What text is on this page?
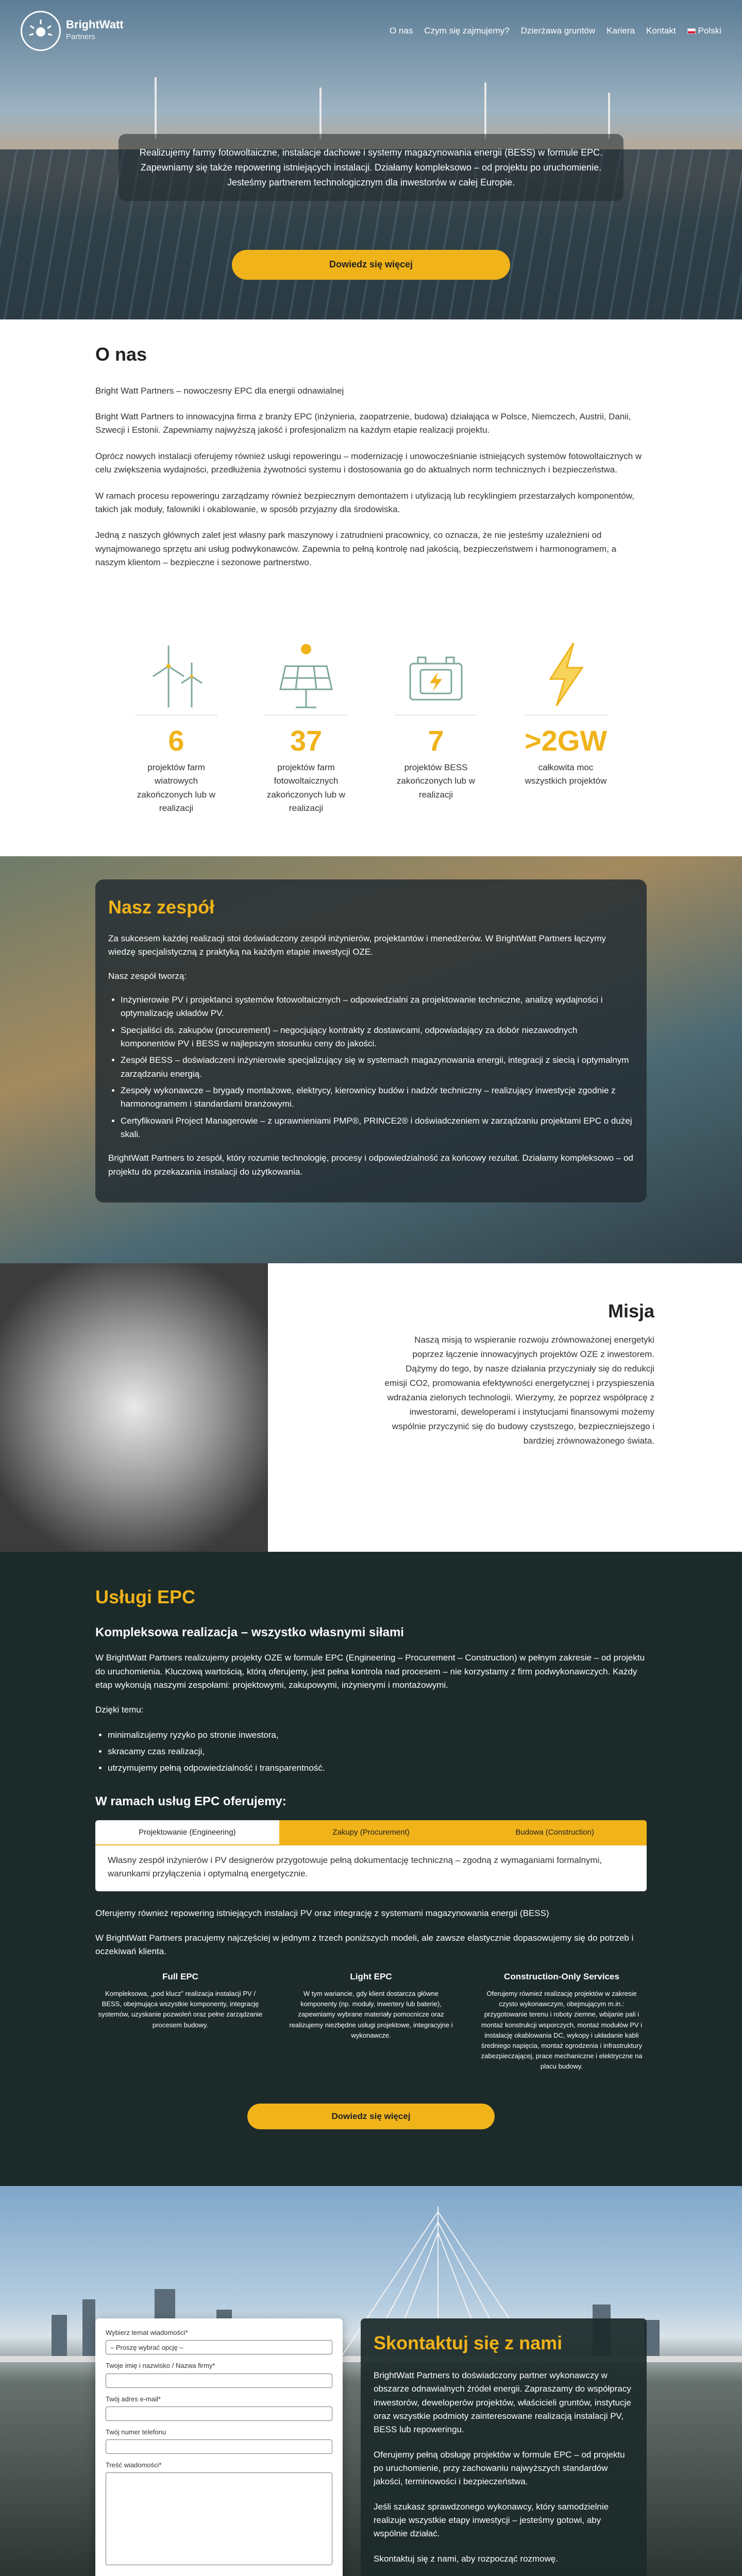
BrightWatt
Partners
O nas Czym się zajmujemy? Dzierżawa gruntów Kariera Kontakt	Polski
Realizujemy farmy fotowoltaiczne, instalacje dachowe i systemy magazynowania energii (BESS) w formule EPC. Zapewniamy się także repowering istniejących instalacji. Działamy kompleksowo – od projektu po uruchomienie. Jesteśmy partnerem technologicznym dla inwestorów w całej Europie.
Dowiedz się więcej
O nas

Bright Watt Partners – nowoczesny EPC dla energii odnawialnej

Bright Watt Partners to innowacyjna firma z branży EPC (inżynieria, zaopatrzenie, budowa) działająca w Polsce, Niemczech, Austrii, Danii, Szwecji i Estonii. Zapewniamy najwyższą jakość i profesjonalizm na każdym etapie realizacji projektu.

Oprócz nowych instalacji oferujemy również usługi repoweringu – modernizację i unowocześnianie istniejących systemów fotowoltaicznych w celu zwiększenia wydajności, przedłużenia żywotności systemu i dostosowania go do aktualnych norm technicznych i bezpieczeństwa.

W ramach procesu repoweringu zarządzamy również bezpiecznym demontażem i utylizacją lub recyklingiem przestarzałych komponentów, takich jak moduły, falowniki i okablowanie, w sposób przyjazny dla środowiska.

Jedną z naszych głównych zalet jest własny park maszynowy i zatrudnieni pracownicy, co oznacza, że nie jesteśmy uzależnieni od wynajmowanego sprzętu ani usług podwykonawców. Zapewnia to pełną kontrolę nad jakością, bezpieczeństwem i harmonogramem, a naszym klientom – bezpieczne i sezonowe partnerstwo.

6
projektów farm wiatrowych zakończonych lub w realizacji
37
projektów farm fotowoltaicznych zakończonych lub w realizacji
7
projektów BESS zakończonych lub w realizacji
>2GW
całkowita moc wszystkich projektów
Nasz zespół

Za sukcesem każdej realizacji stoi doświadczony zespół inżynierów, projektantów i menedżerów. W BrightWatt Partners łączymy wiedzę specjalistyczną z praktyką na każdym etapie inwestycji OZE.

Nasz zespół tworzą:

• Inżynierowie PV i projektanci systemów fotowoltaicznych – odpowiedzialni za projektowanie techniczne, analizę wydajności i optymalizację układów PV.
• Specjaliści ds. zakupów (procurement) – negocjujący kontrakty z dostawcami, odpowiadający za dobór niezawodnych komponentów PV i BESS w najlepszym stosunku ceny do jakości.
• Zespół BESS – doświadczeni inżynierowie specjalizujący się w systemach magazynowania energii, integracji z siecią i optymalnym zarządzaniu energią.
• Zespoły wykonawcze – brygady montażowe, elektrycy, kierownicy budów i nadzór techniczny – realizujący inwestycje zgodnie z harmonogramem i standardami branżowymi.
• Certyfikowani Project Managerowie – z uprawnieniami PMP®, PRINCE2® i doświadczeniem w zarządzaniu projektami EPC o dużej skali.

BrightWatt Partners to zespół, który rozumie technologię, procesy i odpowiedzialność za końcowy rezultat. Działamy kompleksowo – od projektu do przekazania instalacji do użytkowania.

Misja

Naszą misją to wspieranie rozwoju zrównoważonej energetyki poprzez łączenie innowacyjnych projektów OZE z inwestorem. Dążymy do tego, by nasze działania przyczyniały się do redukcji emisji CO2, promowania efektywności energetycznej i przyspieszenia wdrażania zielonych technologii. Wierzymy, że poprzez współpracę z inwestorami, deweloperami i instytucjami finansowymi możemy wspólnie przyczynić się do budowy czystszego, bezpieczniejszego i bardziej zrównoważonego świata.

Usługi EPC
Kompleksowa realizacja – wszystko własnymi siłami

W BrightWatt Partners realizujemy projekty OZE w formule EPC (Engineering – Procurement – Construction) w pełnym zakresie – od projektu do uruchomienia. Kluczową wartością, którą oferujemy, jest pełna kontrola nad procesem – nie korzystamy z firm podwykonawczych. Każdy etap wykonują naszymi zespołami: projektowymi, zakupowymi, inżynierymi i montażowymi.

Dzięki temu:

• minimalizujemy ryzyko po stronie inwestora,
• skracamy czas realizacji,
• utrzymujemy pełną odpowiedzialność i transparentność.
W ramach usług EPC oferujemy:
Projektowanie (Engineering)	Zakupy (Procurement)	Budowa (Construction)
Własny zespół inżynierów i PV designerów przygotowuje pełną dokumentację techniczną – zgodną z wymaganiami formalnymi, warunkami przyłączenia i optymalną energetycznie.

Oferujemy również repowering istniejących instalacji PV oraz integrację z systemami magazynowania energii (BESS)

W BrightWatt Partners pracujemy najczęściej w jednym z trzech poniższych modeli, ale zawsze elastycznie dopasowujemy się do potrzeb i oczekiwań klienta.

Full EPC

Kompleksowa, „pod klucz” realizacja instalacji PV / BESS, obejmująca wszystkie komponenty, integrację systemów, uzyskanie pozwoleń oraz pełne zarządzanie procesem budowy.

Light EPC

W tym wariancie, gdy klient dostarcza główne komponenty (np. moduły, inwertery lub baterie), zapewniamy wybrane materiały pomocnicze oraz realizujemy niezbędne usługi projektowe, integracyjne i wykonawcze.

Construction-Only Services

Oferujemy również realizację projektów w zakresie czysto wykonawczym, obejmującym m.in.: przygotowanie terenu i roboty ziemne, wbijanie pali i montaż konstrukcji wsporczych, montaż modułów PV i instalację okablowania DC, wykopy i układanie kabli średniego napięcia, montaż ogrodzenia i infrastruktury zabezpieczającej, prace mechaniczne i elektryczne na placu budowy.

Dowiedz się więcej
Wybierz temat wiadomości*
– Proszę wybrać opcję –
Twoje imię i nazwisko / Nazwa firmy*
Twój adres e-mail*
Twój numer telefonu
Treść wiadomości*
Skontaktuj się z nami

BrightWatt Partners to doświadczony partner wykonawczy w obszarze odnawialnych źródeł energii. Zapraszamy do współpracy inwestorów, deweloperów projektów, właścicieli gruntów, instytucje oraz wszystkie podmioty zainteresowane realizacją instalacji PV, BESS lub repoweringu.

Oferujemy pełną obsługę projektów w formule EPC – od projektu po uruchomienie, przy zachowaniu najwyższych standardów jakości, terminowości i bezpieczeństwa.

Jeśli szukasz sprawdzonego wykonawcy, który samodzielnie realizuje wszystkie etapy inwestycji – jesteśmy gotowi, aby wspólnie działać.

Skontaktuj się z nami, aby rozpocząć rozmowę.
